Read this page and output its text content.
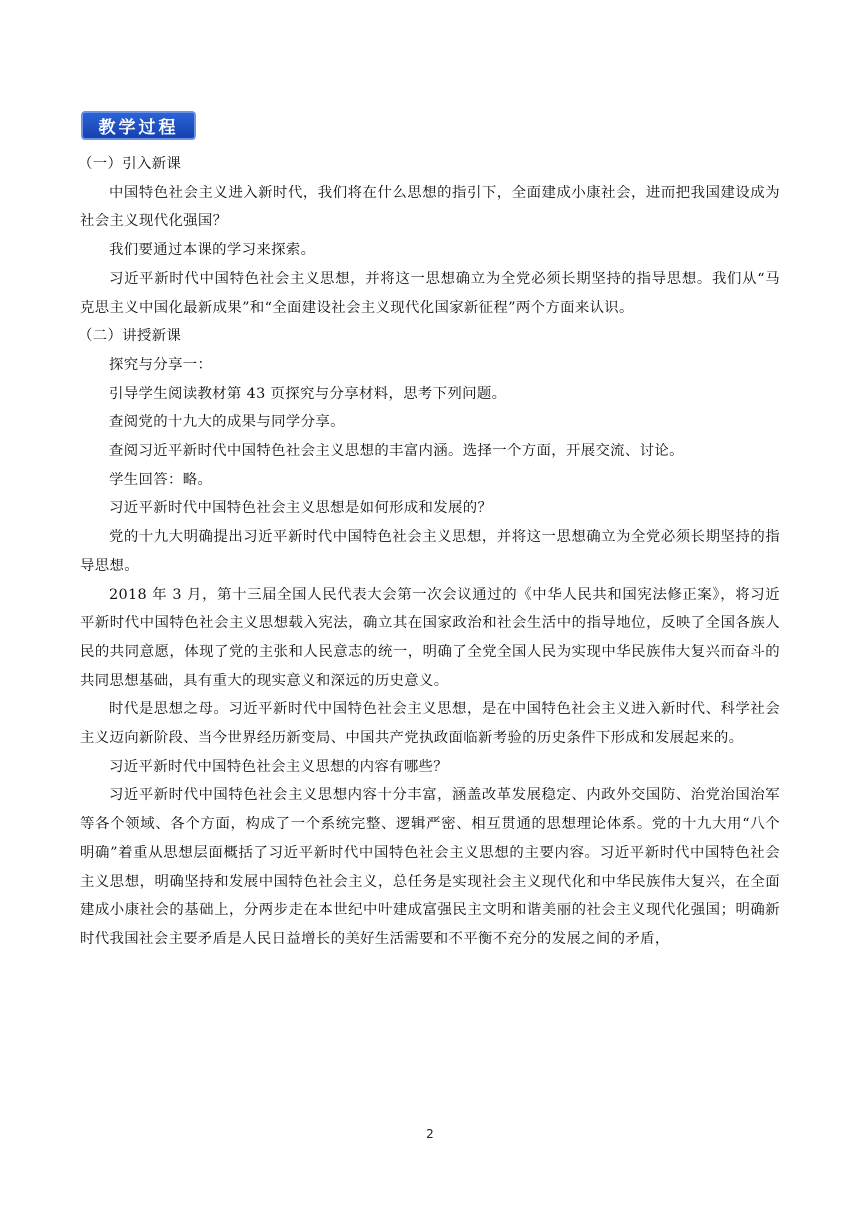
教学过程

（一）引入新课

中国特色社会主义进入新时代，我们将在什么思想的指引下，全面建成小康社会，进而把我国建设成为社会主义现代化强国？

我们要通过本课的学习来探索。

习近平新时代中国特色社会主义思想，并将这一思想确立为全党必须长期坚持的指导思想。我们从“马克思主义中国化最新成果”和“全面建设社会主义现代化国家新征程”两个方面来认识。

（二）讲授新课

探究与分享一：

引导学生阅读教材第 43 页探究与分享材料，思考下列问题。

查阅党的十九大的成果与同学分享。

查阅习近平新时代中国特色社会主义思想的丰富内涵。选择一个方面，开展交流、讨论。

学生回答：略。

习近平新时代中国特色社会主义思想是如何形成和发展的？

党的十九大明确提出习近平新时代中国特色社会主义思想，并将这一思想确立为全党必须长期坚持的指导思想。

2018 年 3 月，第十三届全国人民代表大会第一次会议通过的《中华人民共和国宪法修正案》，将习近平新时代中国特色社会主义思想载入宪法，确立其在国家政治和社会生活中的指导地位，反映了全国各族人民的共同意愿，体现了党的主张和人民意志的统一，明确了全党全国人民为实现中华民族伟大复兴而奋斗的共同思想基础，具有重大的现实意义和深远的历史意义。

时代是思想之母。习近平新时代中国特色社会主义思想，是在中国特色社会主义进入新时代、科学社会主义迈向新阶段、当今世界经历新变局、中国共产党执政面临新考验的历史条件下形成和发展起来的。

习近平新时代中国特色社会主义思想的内容有哪些？

习近平新时代中国特色社会主义思想内容十分丰富，涵盖改革发展稳定、内政外交国防、治党治国治军等各个领域、各个方面，构成了一个系统完整、逻辑严密、相互贯通的思想理论体系。党的十九大用“八个明确”着重从思想层面概括了习近平新时代中国特色社会主义思想的主要内容。习近平新时代中国特色社会主义思想，明确坚持和发展中国特色社会主义，总任务是实现社会主义现代化和中华民族伟大复兴，在全面建成小康社会的基础上，分两步走在本世纪中叶建成富强民主文明和谐美丽的社会主义现代化强国；明确新时代我国社会主要矛盾是人民日益增长的美好生活需要和不平衡不充分的发展之间的矛盾，

2
